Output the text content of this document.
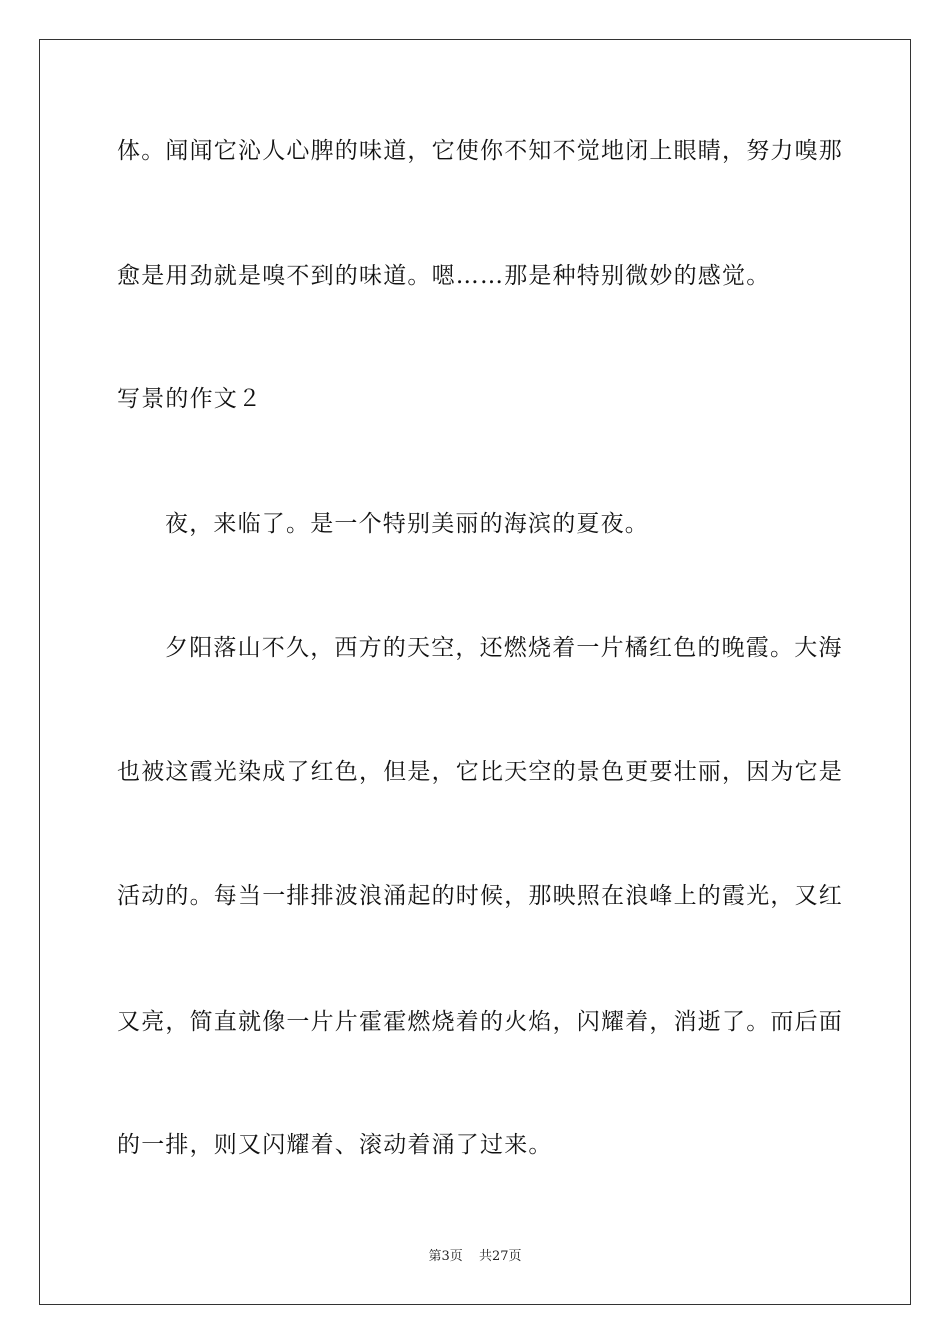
体。闻闻它沁人心脾的味道，它使你不知不觉地闭上眼睛，努力嗅那
愈是用劲就是嗅不到的味道。嗯……那是种特别微妙的感觉。
写景的作文２
夜，来临了。是一个特别美丽的海滨的夏夜。
夕阳落山不久，西方的天空，还燃烧着一片橘红色的晚霞。大海
也被这霞光染成了红色，但是，它比天空的景色更要壮丽，因为它是
活动的。每当一排排波浪涌起的时候，那映照在浪峰上的霞光，又红
又亮，简直就像一片片霍霍燃烧着的火焰，闪耀着，消逝了。而后面
的一排，则又闪耀着、滚动着涌了过来。
第3页 共27页
